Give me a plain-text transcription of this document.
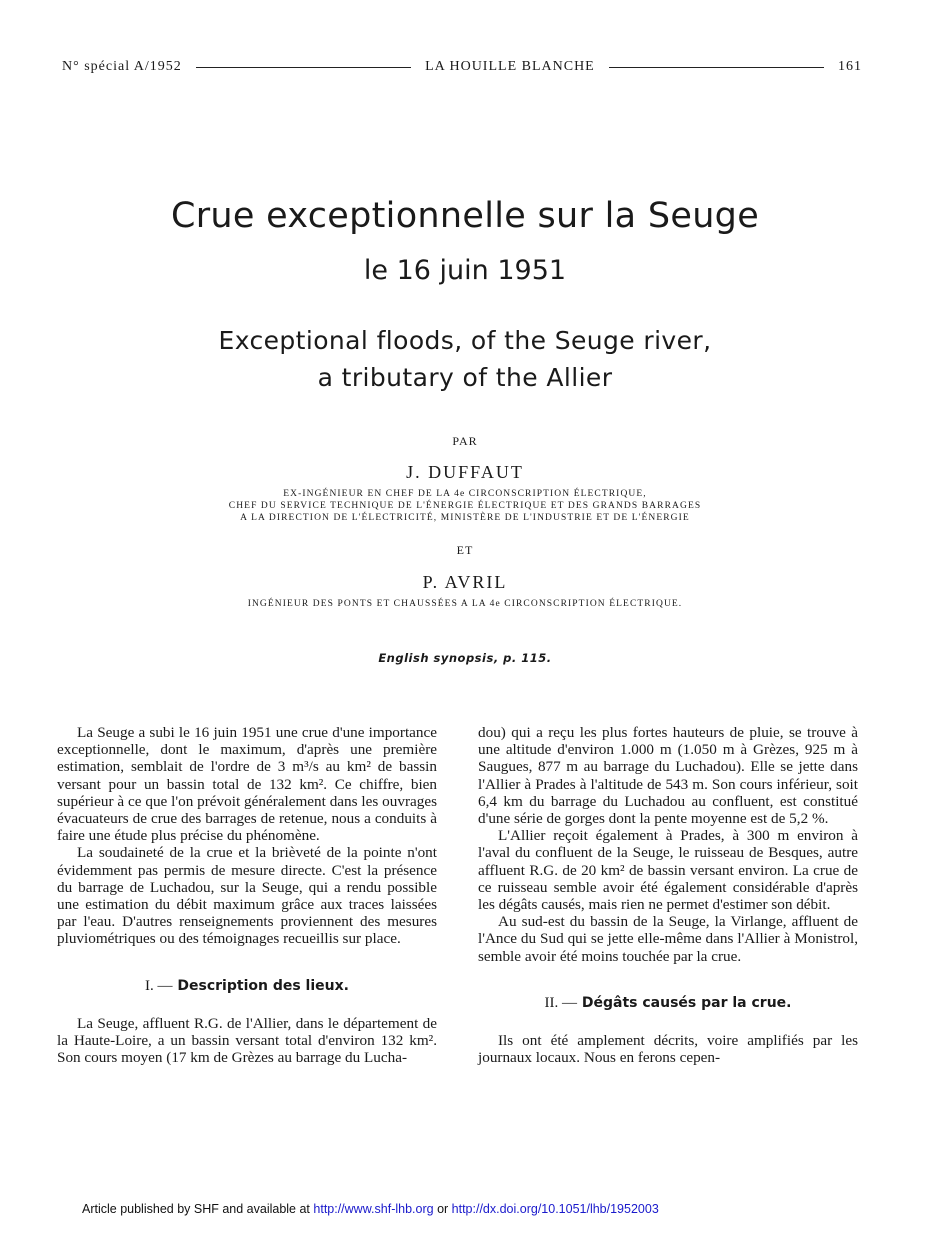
N° spécial A/1952	LA HOUILLE BLANCHE	161
Crue exceptionnelle sur la Seuge
le 16 juin 1951
Exceptional floods, of the Seuge river,
a tributary of the Allier
PAR
J. DUFFAUT
EX-INGÉNIEUR EN CHEF DE LA 4e CIRCONSCRIPTION ÉLECTRIQUE,
CHEF DU SERVICE TECHNIQUE DE L'ÉNERGIE ÉLECTRIQUE ET DES GRANDS BARRAGES
A LA DIRECTION DE L'ÉLECTRICITÉ, MINISTÈRE DE L'INDUSTRIE ET DE L'ÉNERGIE
ET
P. AVRIL
INGÉNIEUR DES PONTS ET CHAUSSÉES A LA 4e CIRCONSCRIPTION ÉLECTRIQUE.
English synopsis, p. 115.

La Seuge a subi le 16 juin 1951 une crue d'une importance exceptionnelle, dont le maximum, d'après une première estimation, semblait de l'ordre de 3 m³/s au km² de bassin versant pour un bassin total de 132 km². Ce chiffre, bien supérieur à ce que l'on prévoit généralement dans les ouvrages évacuateurs de crue des barrages de retenue, nous a conduits à faire une étude plus précise du phénomène.

La soudaineté de la crue et la brièveté de la pointe n'ont évidemment pas permis de mesure directe. C'est la présence du barrage de Luchadou, sur la Seuge, qui a rendu possible une estimation du débit maximum grâce aux traces laissées par l'eau. D'autres renseignements proviennent des mesures pluviométriques ou des témoignages recueillis sur place.

I. — Description des lieux.

La Seuge, affluent R.G. de l'Allier, dans le département de la Haute-Loire, a un bassin versant total d'environ 132 km². Son cours moyen (17 km de Grèzes au barrage du Lucha-

dou) qui a reçu les plus fortes hauteurs de pluie, se trouve à une altitude d'environ 1.000 m (1.050 m à Grèzes, 925 m à Saugues, 877 m au barrage du Luchadou). Elle se jette dans l'Allier à Prades à l'altitude de 543 m. Son cours inférieur, soit 6,4 km du barrage du Luchadou au confluent, est constitué d'une série de gorges dont la pente moyenne est de 5,2 %.

L'Allier reçoit également à Prades, à 300 m environ à l'aval du confluent de la Seuge, le ruisseau de Besques, autre affluent R.G. de 20 km² de bassin versant environ. La crue de ce ruisseau semble avoir été également considérable d'après les dégâts causés, mais rien ne permet d'estimer son débit.

Au sud-est du bassin de la Seuge, la Virlange, affluent de l'Ance du Sud qui se jette elle-même dans l'Allier à Monistrol, semble avoir été moins touchée par la crue.

II. — Dégâts causés par la crue.

Ils ont été amplement décrits, voire amplifiés par les journaux locaux. Nous en ferons cepen-

Article published by SHF and available at http://www.shf-lhb.org or http://dx.doi.org/10.1051/lhb/1952003
